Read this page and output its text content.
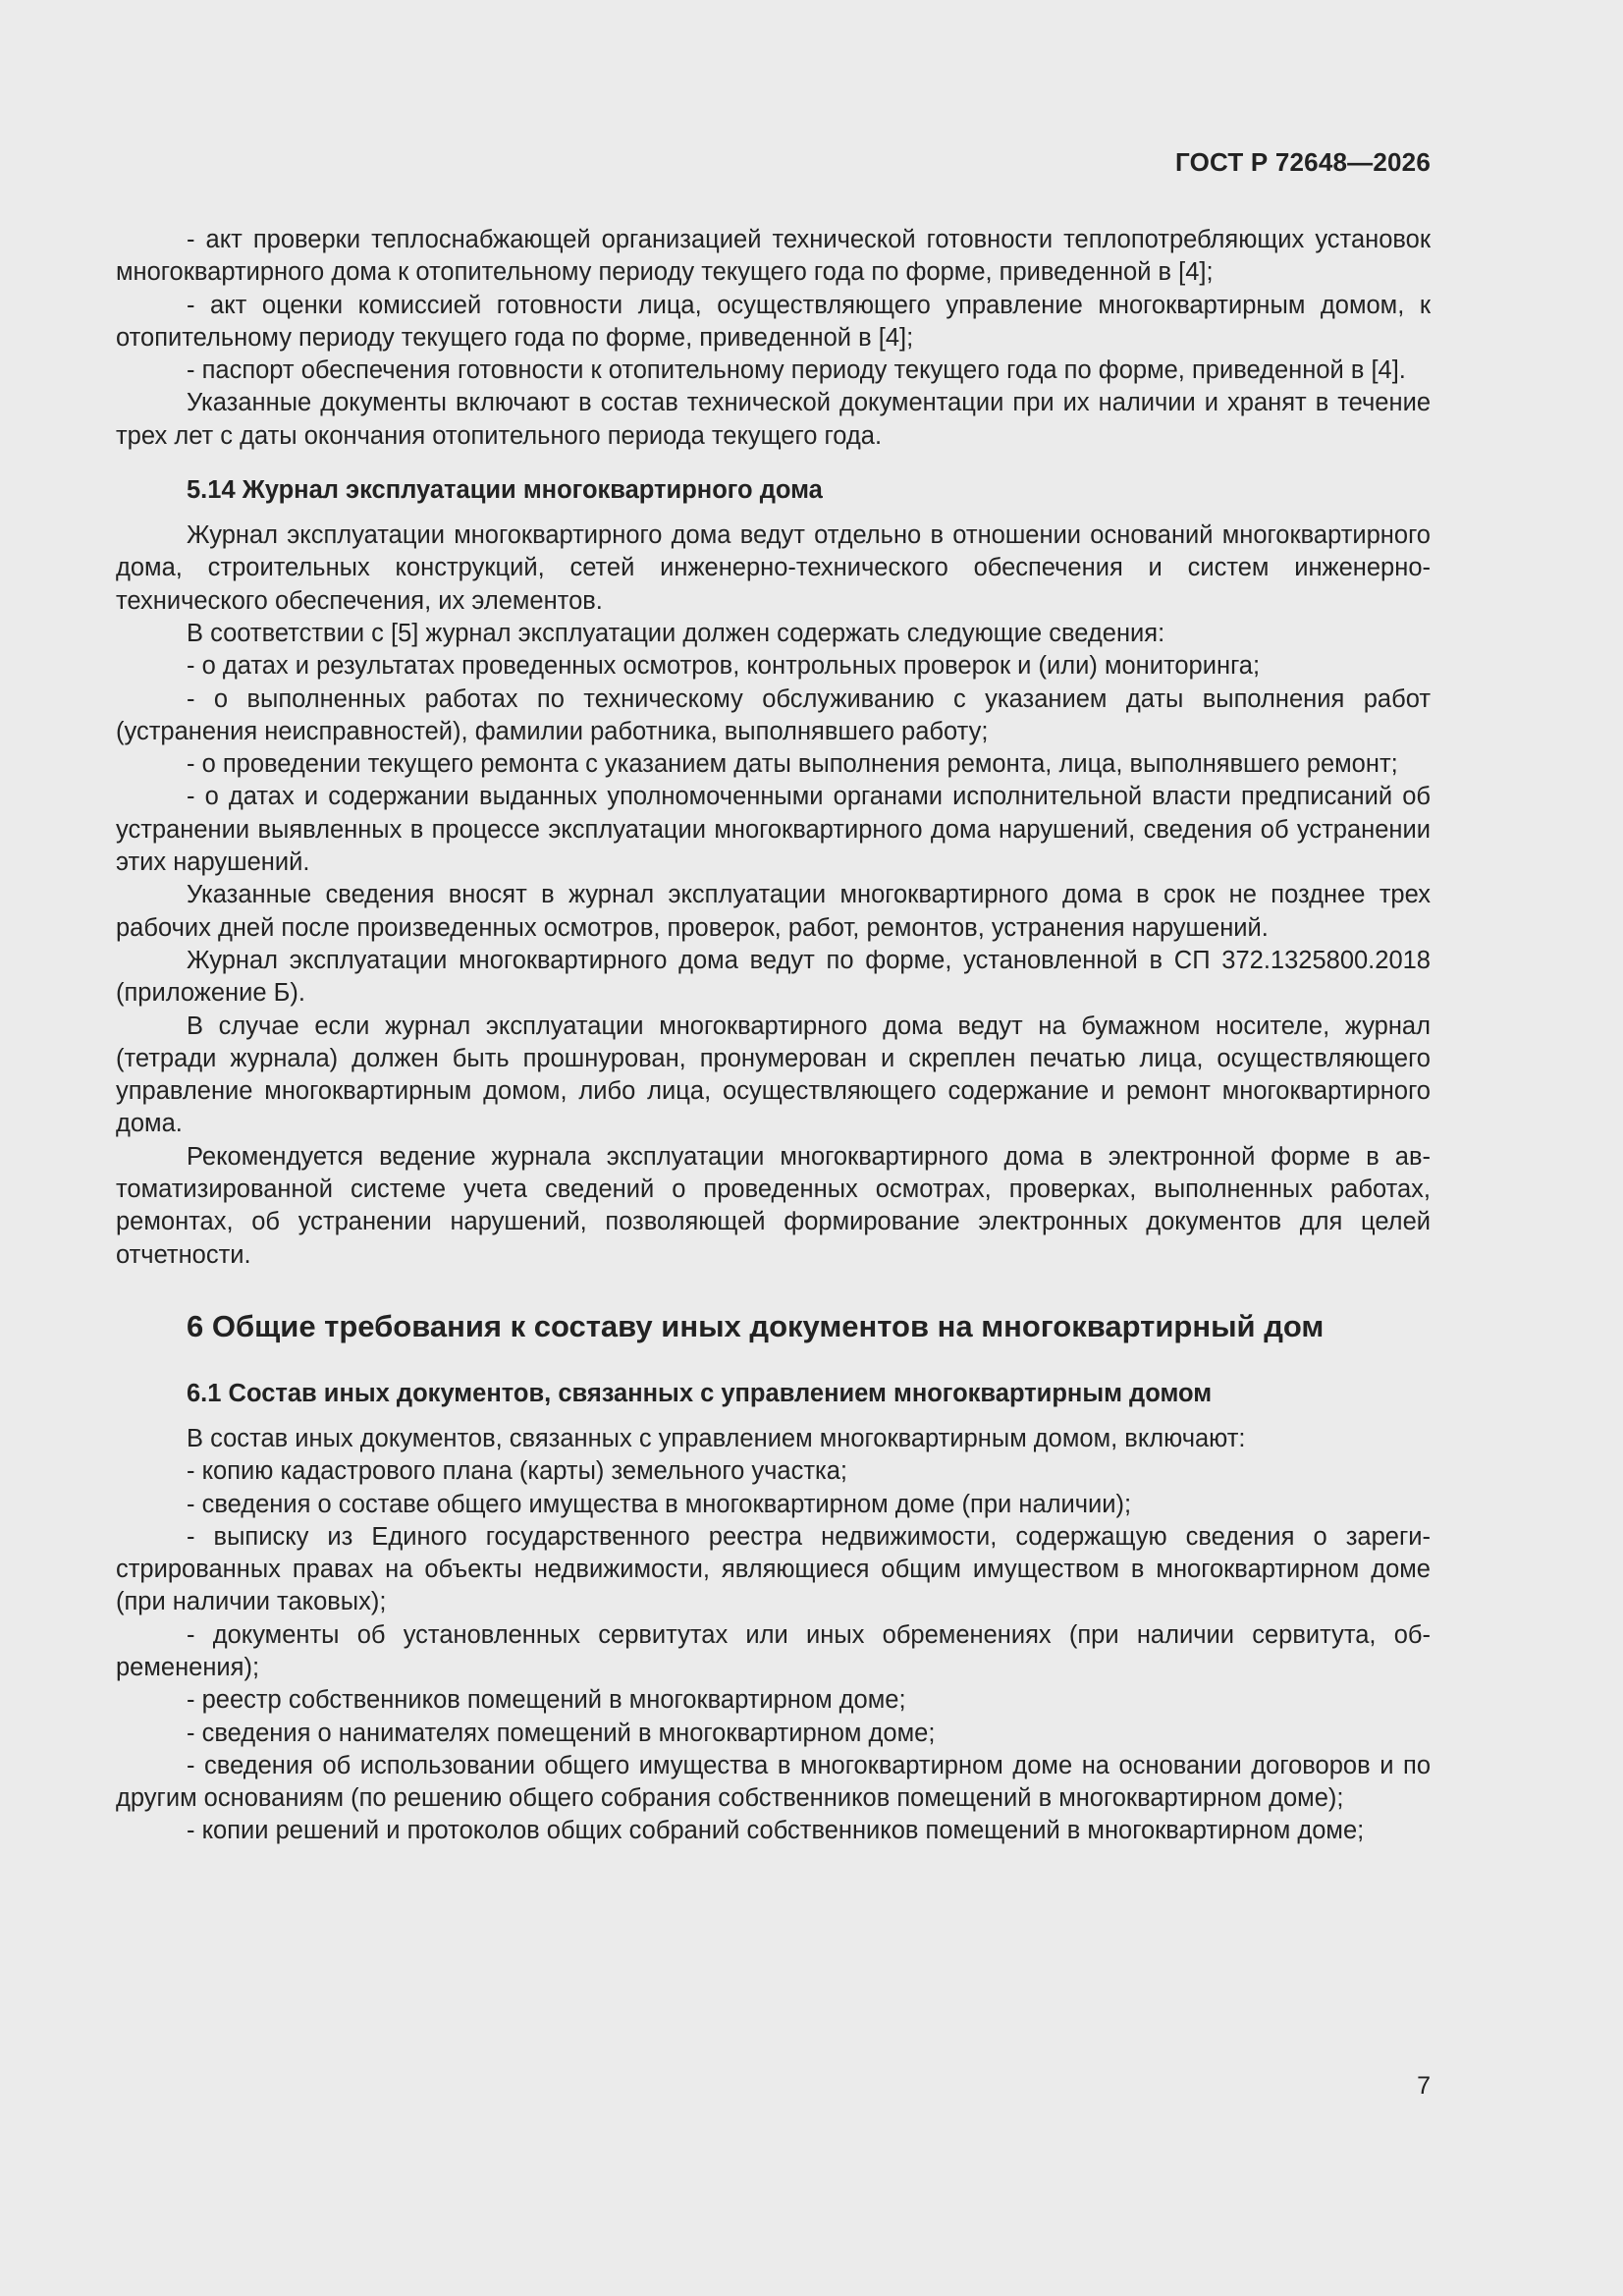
ГОСТ Р 72648—2026

- акт проверки теплоснабжающей организацией технической готовности теплопотребляющих установок многоквартирного дома к отопительному периоду текущего года по форме, приведенной в [4];

- акт оценки комиссией готовности лица, осуществляющего управление многоквартирным домом, к отопительному периоду текущего года по форме, приведенной в [4];

- паспорт обеспечения готовности к отопительному периоду текущего года по форме, приведенной в [4].

Указанные документы включают в состав технической документации при их наличии и хранят в течение трех лет с даты окончания отопительного периода текущего года.

5.14 Журнал эксплуатации многоквартирного дома

Журнал эксплуатации многоквартирного дома ведут отдельно в отношении оснований многоквартирного дома, строительных конструкций, сетей инженерно-технического обеспечения и систем инженерно-технического обеспечения, их элементов.

В соответствии с [5] журнал эксплуатации должен содержать следующие сведения:

- о датах и результатах проведенных осмотров, контрольных проверок и (или) мониторинга;

- о выполненных работах по техническому обслуживанию с указанием даты выполнения работ (устранения неисправностей), фамилии работника, выполнявшего работу;

- о проведении текущего ремонта с указанием даты выполнения ремонта, лица, выполнявшего ремонт;

- о датах и содержании выданных уполномоченными органами исполнительной власти предписаний об устранении выявленных в процессе эксплуатации многоквартирного дома нарушений, сведения об устранении этих нарушений.

Указанные сведения вносят в журнал эксплуатации многоквартирного дома в срок не позднее трех рабочих дней после произведенных осмотров, проверок, работ, ремонтов, устранения нарушений.

Журнал эксплуатации многоквартирного дома ведут по форме, установленной в СП 372.1325800.2018 (приложение Б).

В случае если журнал эксплуатации многоквартирного дома ведут на бумажном носителе, журнал (тетради журнала) должен быть прошнурован, пронумерован и скреплен печатью лица, осуществляющего управление многоквартирным домом, либо лица, осуществляющего содержание и ремонт многоквартирного дома.

Рекомендуется ведение журнала эксплуатации многоквартирного дома в электронной форме в автоматизированной системе учета сведений о проведенных осмотрах, проверках, выполненных работах, ремонтах, об устранении нарушений, позволяющей формирование электронных документов для целей отчетности.

6 Общие требования к составу иных документов на многоквартирный дом
6.1 Состав иных документов, связанных с управлением многоквартирным домом

В состав иных документов, связанных с управлением многоквартирным домом, включают:

- копию кадастрового плана (карты) земельного участка;

- сведения о составе общего имущества в многоквартирном доме (при наличии);

- выписку из Единого государственного реестра недвижимости, содержащую сведения о зарегистрированных правах на объекты недвижимости, являющиеся общим имуществом в многоквартирном доме (при наличии таковых);

- документы об установленных сервитутах или иных обременениях (при наличии сервитута, обременения);

- реестр собственников помещений в многоквартирном доме;

- сведения о нанимателях помещений в многоквартирном доме;

- сведения об использовании общего имущества в многоквартирном доме на основании договоров и по другим основаниям (по решению общего собрания собственников помещений в многоквартирном доме);

- копии решений и протоколов общих собраний собственников помещений в многоквартирном доме;

7
